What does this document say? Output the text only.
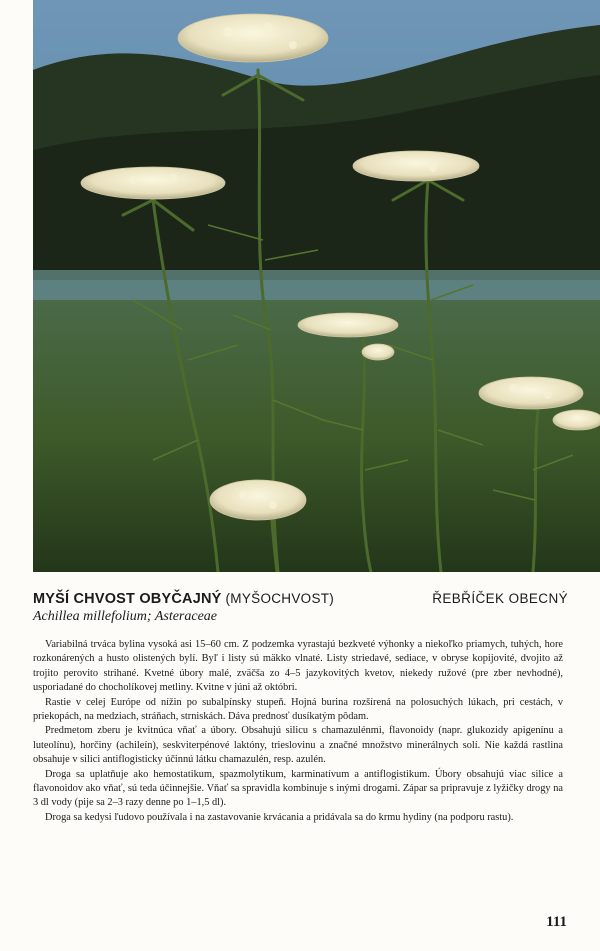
MYŠÍ CHVOST OBYČAJNÝ (MYŠOCHVOST)	ŘEBŘÍČEK OBECNÝ
Achillea millefolium; Asteraceae

Variabilná trváca bylina vysoká asi 15–60 cm. Z podzemka vyrastajú bezkveté výhonky a niekoľko priamych, tuhých, hore rozkonárených a husto olistených bylí. Byľ i listy sú mäkko vlnaté. Listy striedavé, sediace, v obryse kopijovité, dvojito až trojito perovito strihané. Kvetné úbory malé, zväčša zo 4–5 jazykovitých kvetov, niekedy ružové (pre zber nevhodné), usporiadané do chocholíkovej metliny. Kvitne v júni až októbri.

Rastie v celej Európe od nížin po subalpínsky stupeň. Hojná burina rozšírená na polosuchých lúkach, pri cestách, v priekopách, na medziach, stráňach, strniskách. Dáva prednosť dusíkatým pôdam.

Predmetom zberu je kvitnúca vňať a úbory. Obsahujú silicu s chamazulénmi, flavonoidy (napr. glukozidy apigenínu a luteolínu), horčiny (achileín), seskviterpénové laktóny, trieslovinu a značné množstvo minerálnych solí. Nie každá rastlina obsahuje v silici antiflogisticky účinnú látku chamazulén, resp. azulén.

Droga sa uplatňuje ako hemostatikum, spazmolytikum, karminatívum a antiflogistikum. Úbory obsahujú viac silice a flavonoidov ako vňať, sú teda účinnejšie. Vňať sa spravidla kombinuje s inými drogami. Zápar sa pripravuje z lyžičky drogy na 3 dl vody (pije sa 2–3 razy denne po 1–1,5 dl).

Droga sa kedysi ľudovo používala i na zastavovanie krvácania a pridávala sa do krmu hydiny (na podporu rastu).

111
